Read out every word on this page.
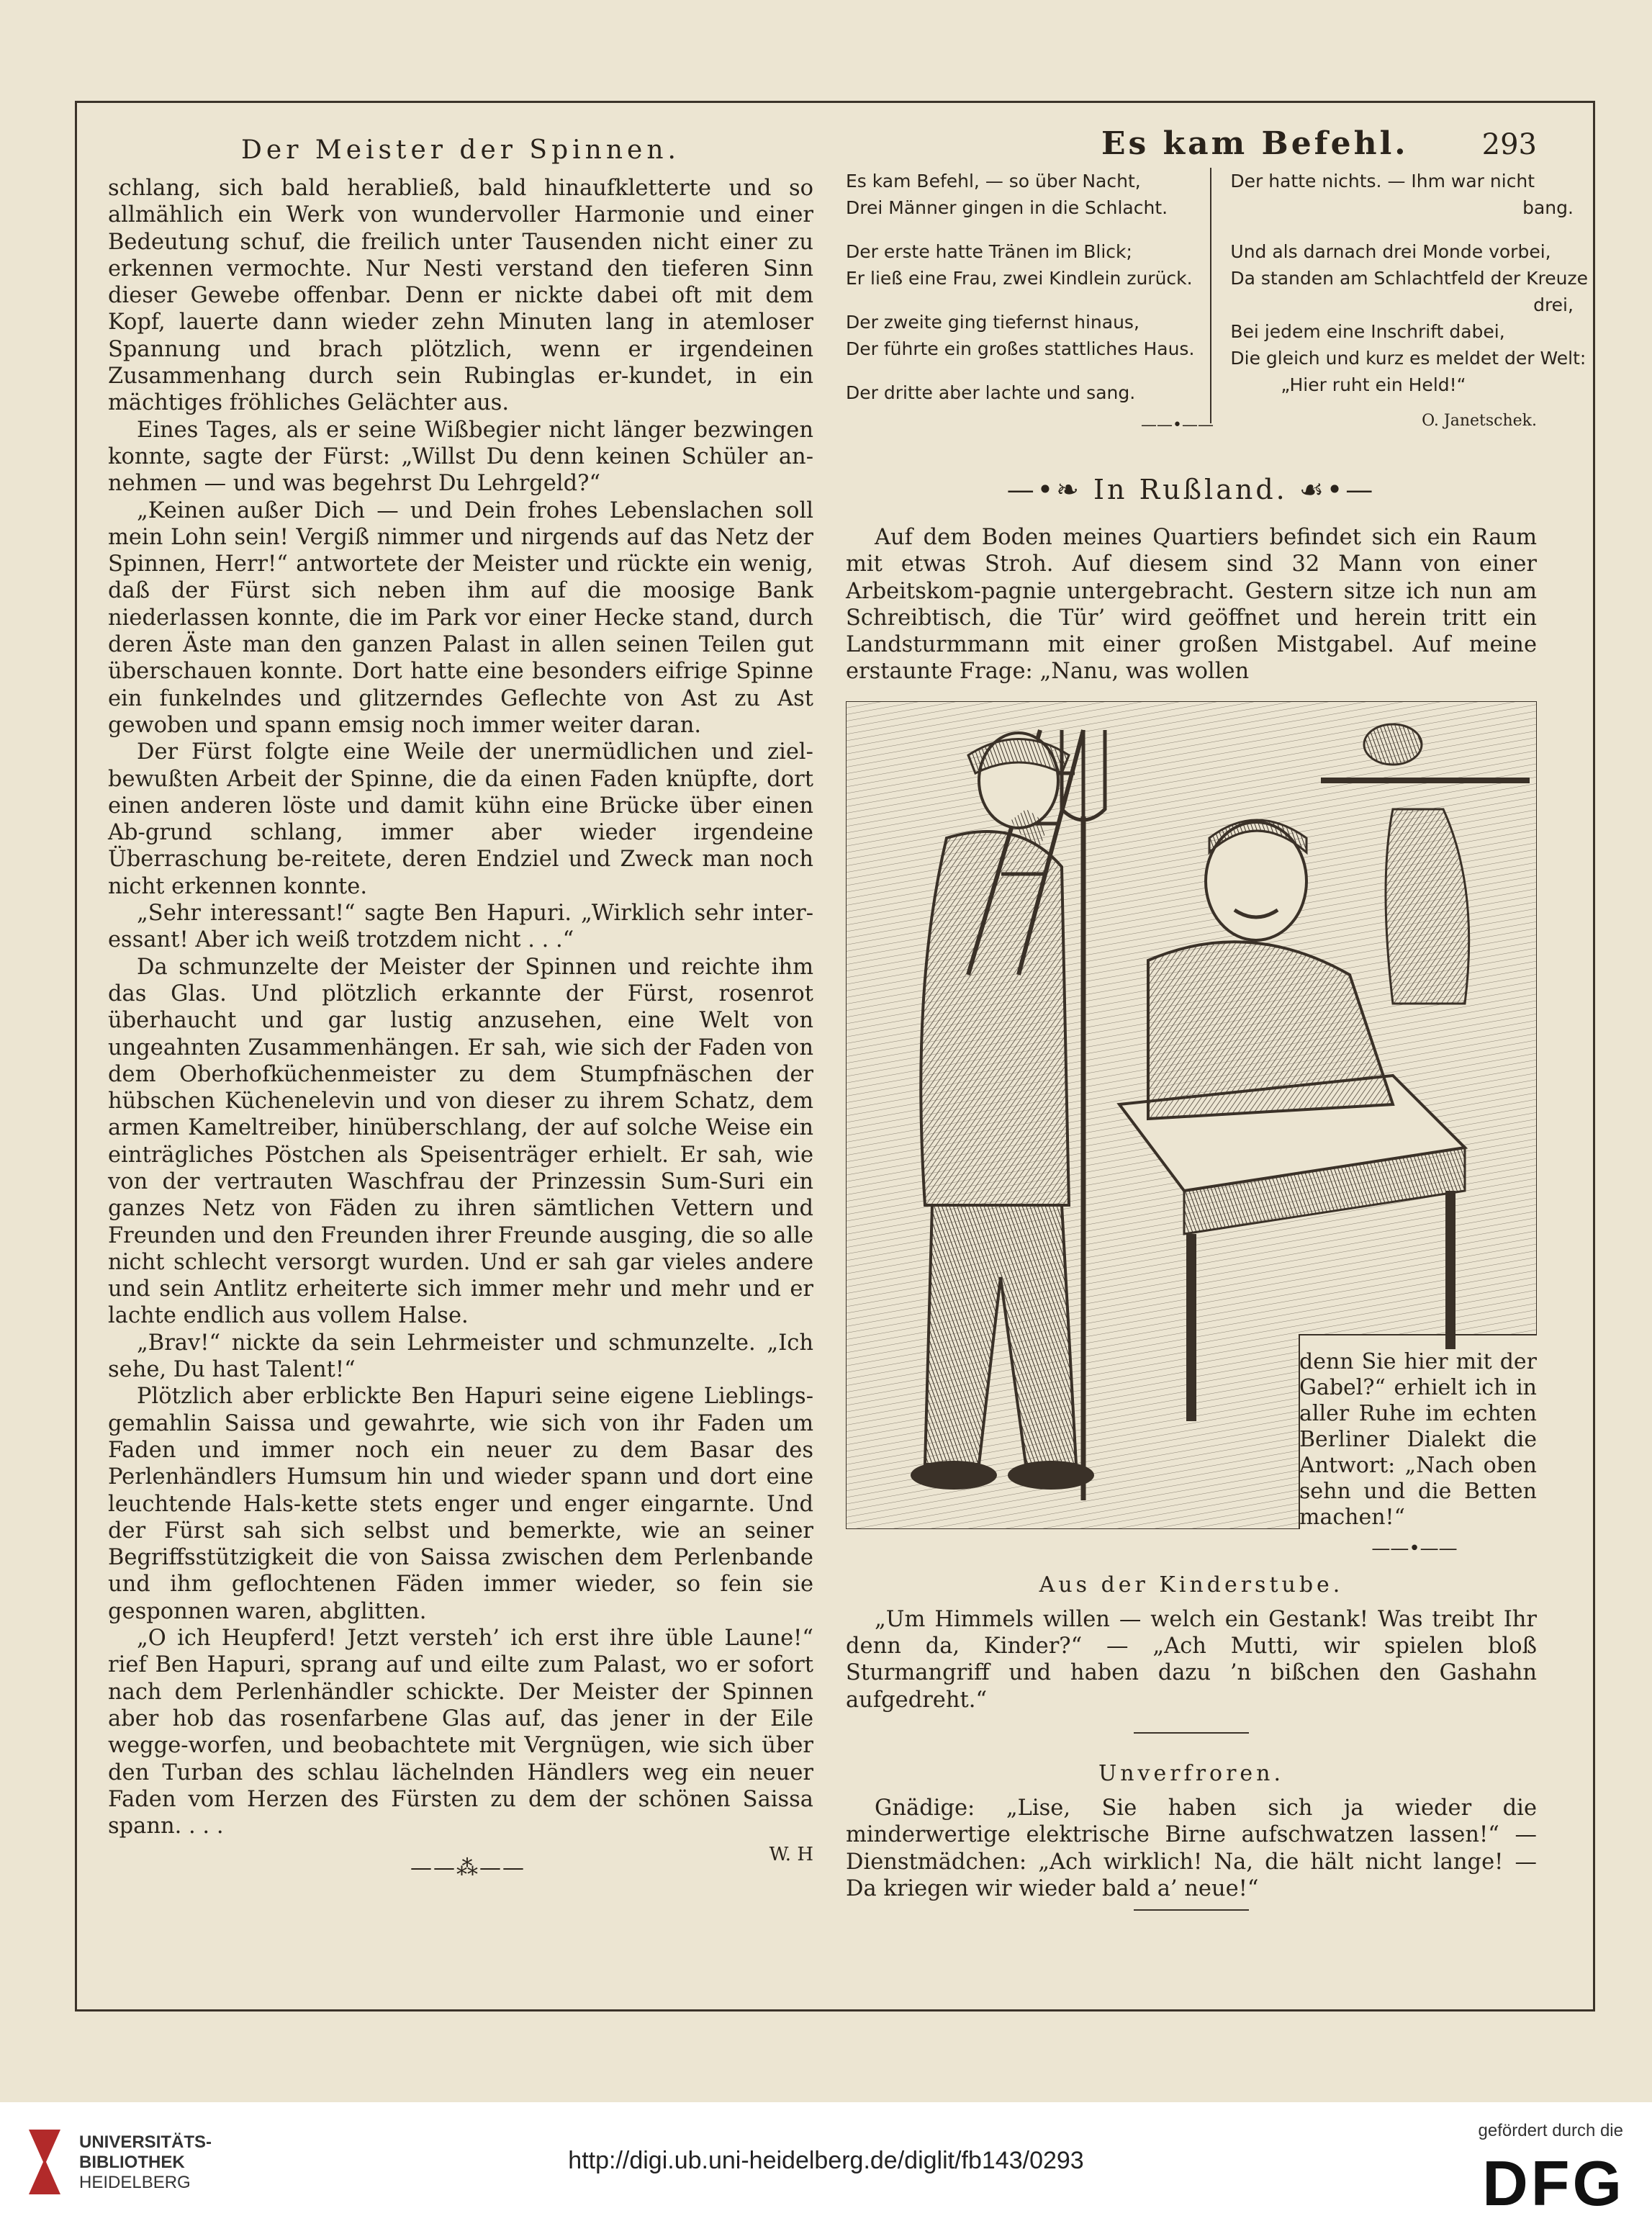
Der Meister der Spinnen.

schlang, sich bald herabließ, bald hinaufkletterte und so allmählich ein Werk von wundervoller Harmonie und einer Bedeutung schuf, die freilich unter Tausenden nicht einer zu erkennen vermochte. Nur Nesti verstand den tieferen Sinn dieser Gewebe offenbar. Denn er nickte dabei oft mit dem Kopf, lauerte dann wieder zehn Minuten lang in atemloser Spannung und brach plötzlich, wenn er irgendeinen Zusammenhang durch sein Rubinglas er-kundet, in ein mächtiges fröhliches Gelächter aus.

Eines Tages, als er seine Wißbegier nicht länger bezwingen konnte, sagte der Fürst: „Willst Du denn keinen Schüler an-nehmen — und was begehrst Du Lehrgeld?“

„Keinen außer Dich — und Dein frohes Lebenslachen soll mein Lohn sein! Vergiß nimmer und nirgends auf das Netz der Spinnen, Herr!“ antwortete der Meister und rückte ein wenig, daß der Fürst sich neben ihm auf die moosige Bank niederlassen konnte, die im Park vor einer Hecke stand, durch deren Äste man den ganzen Palast in allen seinen Teilen gut überschauen konnte. Dort hatte eine besonders eifrige Spinne ein funkelndes und glitzerndes Geflechte von Ast zu Ast gewoben und spann emsig noch immer weiter daran.

Der Fürst folgte eine Weile der unermüdlichen und ziel-bewußten Arbeit der Spinne, die da einen Faden knüpfte, dort einen anderen löste und damit kühn eine Brücke über einen Ab-grund schlang, immer aber wieder irgendeine Überraschung be-reitete, deren Endziel und Zweck man noch nicht erkennen konnte.

„Sehr interessant!“ sagte Ben Hapuri. „Wirklich sehr inter-essant! Aber ich weiß trotzdem nicht . . .“

Da schmunzelte der Meister der Spinnen und reichte ihm das Glas. Und plötzlich erkannte der Fürst, rosenrot überhaucht und gar lustig anzusehen, eine Welt von ungeahnten Zusammenhängen. Er sah, wie sich der Faden von dem Oberhofküchenmeister zu dem Stumpfnäschen der hübschen Küchenelevin und von dieser zu ihrem Schatz, dem armen Kameltreiber, hinüberschlang, der auf solche Weise ein einträgliches Pöstchen als Speisenträger erhielt. Er sah, wie von der vertrauten Waschfrau der Prinzessin Sum-Suri ein ganzes Netz von Fäden zu ihren sämtlichen Vettern und Freunden und den Freunden ihrer Freunde ausging, die so alle nicht schlecht versorgt wurden. Und er sah gar vieles andere und sein Antlitz erheiterte sich immer mehr und mehr und er lachte endlich aus vollem Halse.

„Brav!“ nickte da sein Lehrmeister und schmunzelte. „Ich sehe, Du hast Talent!“

Plötzlich aber erblickte Ben Hapuri seine eigene Lieblings-gemahlin Saissa und gewahrte, wie sich von ihr Faden um Faden und immer noch ein neuer zu dem Basar des Perlenhändlers Humsum hin und wieder spann und dort eine leuchtende Hals-kette stets enger und enger eingarnte. Und der Fürst sah sich selbst und bemerkte, wie an seiner Begriffsstützigkeit die von Saissa zwischen dem Perlenbande und ihm geflochtenen Fäden immer wieder, so fein sie gesponnen waren, abglitten.

„O ich Heupferd! Jetzt versteh’ ich erst ihre üble Laune!“ rief Ben Hapuri, sprang auf und eilte zum Palast, wo er sofort nach dem Perlenhändler schickte. Der Meister der Spinnen aber hob das rosenfarbene Glas auf, das jener in der Eile wegge-worfen, und beobachtete mit Vergnügen, wie sich über den Turban des schlau lächelnden Händlers weg ein neuer Faden vom Herzen des Fürsten zu dem der schönen Saissa spann. . . .

——⁂——
W. H
Es kam Befehl.	293
Es kam Befehl, — so über Nacht,
Drei Männer gingen in die Schlacht.
Der erste hatte Tränen im Blick;
Er ließ eine Frau, zwei Kindlein zurück.
Der zweite ging tiefernst hinaus,
Der führte ein großes stattliches Haus.
Der dritte aber lachte und sang.
Der hatte nichts. — Ihm war nicht
bang.
Und als darnach drei Monde vorbei,
Da standen am Schlachtfeld der Kreuze
drei,
Bei jedem eine Inschrift dabei,
Die gleich und kurz es meldet der Welt:
„Hier ruht ein Held!“
——•——	O. Janetschek.
—•❧ In Rußland. ☙•—

Auf dem Boden meines Quartiers befindet sich ein Raum mit etwas Stroh. Auf diesem sind 32 Mann von einer Arbeitskom-pagnie untergebracht. Gestern sitze ich nun am Schreibtisch, die Tür’ wird geöffnet und herein tritt ein Landsturmmann mit einer großen Mistgabel. Auf meine erstaunte Frage: „Nanu, was wollen

denn Sie hier mit der Gabel?“ erhielt ich in aller Ruhe im echten Berliner Dialekt die Antwort: „Nach oben sehn und die Betten machen!“
——•——
Aus der Kinderstube.

„Um Himmels willen — welch ein Gestank! Was treibt Ihr denn da, Kinder?“ — „Ach Mutti, wir spielen bloß Sturmangriff und haben dazu ’n bißchen den Gashahn aufgedreht.“

Unverfroren.

Gnädige: „Lise, Sie haben sich ja wieder die minderwertige elektrische Birne aufschwatzen lassen!“ — Dienstmädchen: „Ach wirklich! Na, die hält nicht lange! — Da kriegen wir wieder bald a’ neue!“

UNIVERSITÄTS-
BIBLIOTHEK
HEIDELBERG
http://digi.ub.uni-heidelberg.de/diglit/fb143/0293
gefördert durch die
DFG
